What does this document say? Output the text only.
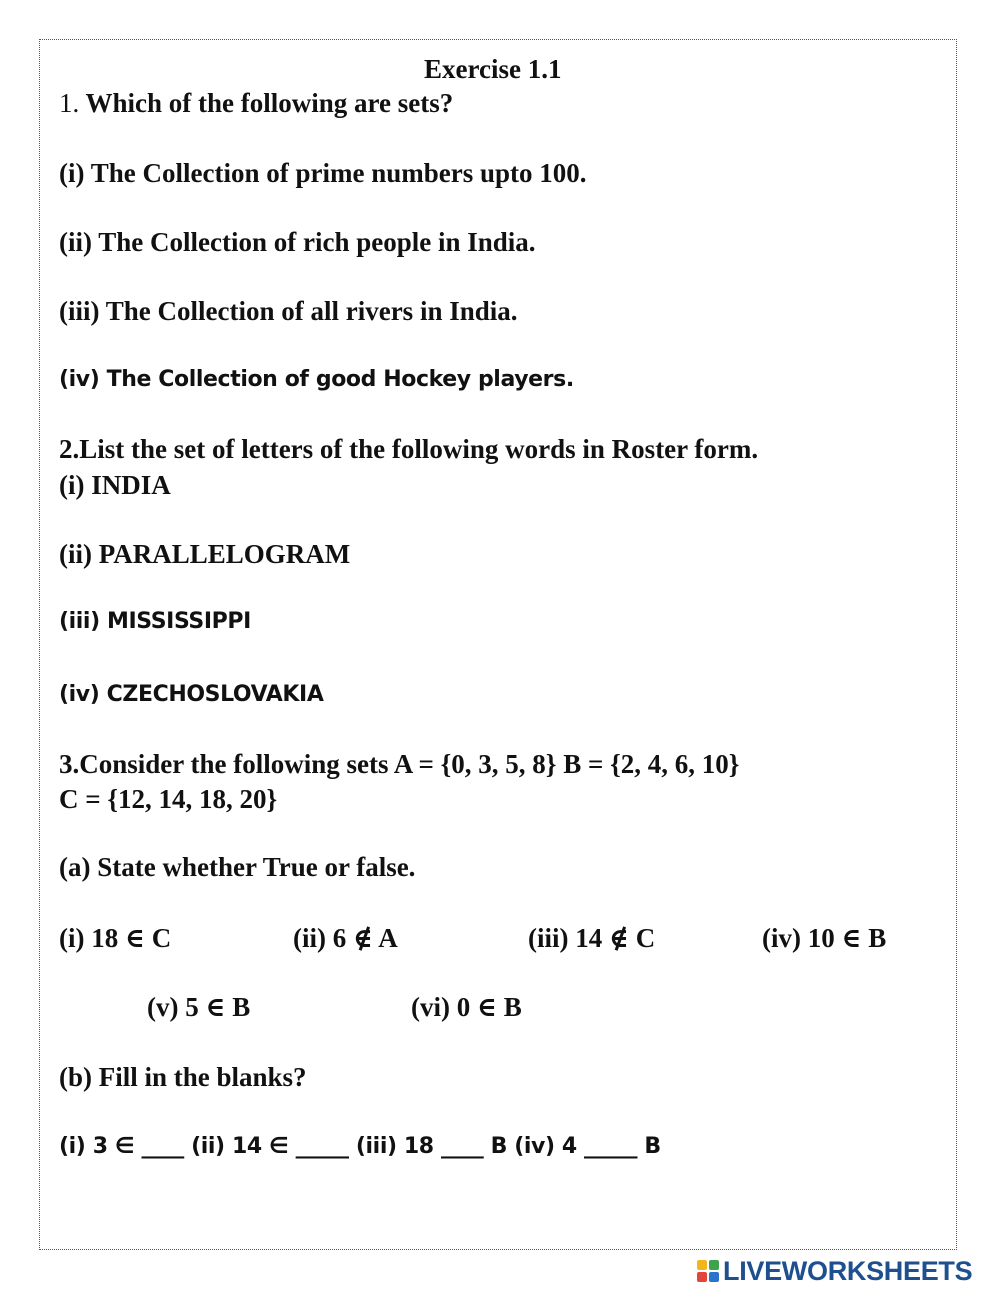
Exercise 1.1
1. Which of the following are sets?
(i) The Collection of prime numbers upto 100.
(ii) The Collection of rich people in India.
(iii) The Collection of all rivers in India.
(iv) The Collection of good Hockey players.
2.List the set of letters of the following words in Roster form.
(i) INDIA
(ii) PARALLELOGRAM
(iii) MISSISSIPPI
(iv) CZECHOSLOVAKIA
3.Consider the following sets A = {0, 3, 5, 8} B = {2, 4, 6, 10}
C = {12, 14, 18, 20}
(a) State whether True or false.
(i) 18 ∈ C	(ii) 6 ∉ A	(iii) 14 ∉ C	(iv) 10 ∈ B
(v) 5 ∈ B	(vi) 0 ∈ B
(b) Fill in the blanks?
(i) 3 ∈ ____ (ii) 14 ∈ _____ (iii) 18 ____ B (iv) 4 _____ B
LIVEWORKSHEETS
